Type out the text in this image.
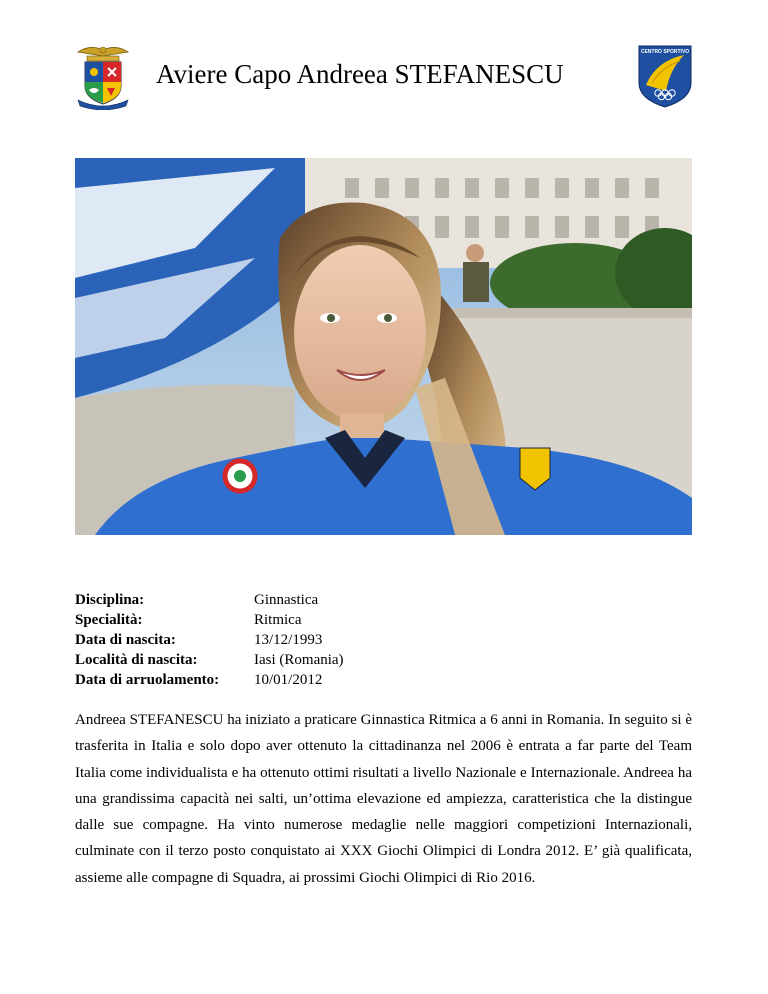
Aviere Capo Andreea STEFANESCU
CENTRO SPORTIVO
Disciplina:	Ginnastica
Specialità:	Ritmica
Data di nascita:	13/12/1993
Località di nascita:	Iasi (Romania)
Data di arruolamento:	10/01/2012

Andreea STEFANESCU ha iniziato a praticare Ginnastica Ritmica a 6 anni in Romania. In seguito si è trasferita in Italia e solo dopo aver ottenuto la cittadinanza nel 2006 è entrata a far parte del Team Italia come individualista e ha ottenuto ottimi risultati a livello Nazionale e Internazionale. Andreea ha una grandissima capacità nei salti, un’ottima elevazione ed ampiezza, caratteristica che la distingue dalle sue compagne. Ha vinto numerose medaglie nelle maggiori competizioni Internazionali, culminate con il terzo posto conquistato ai XXX Giochi Olimpici di Londra 2012. E’ già qualificata, assieme alle compagne di Squadra, ai prossimi Giochi Olimpici di Rio 2016.
